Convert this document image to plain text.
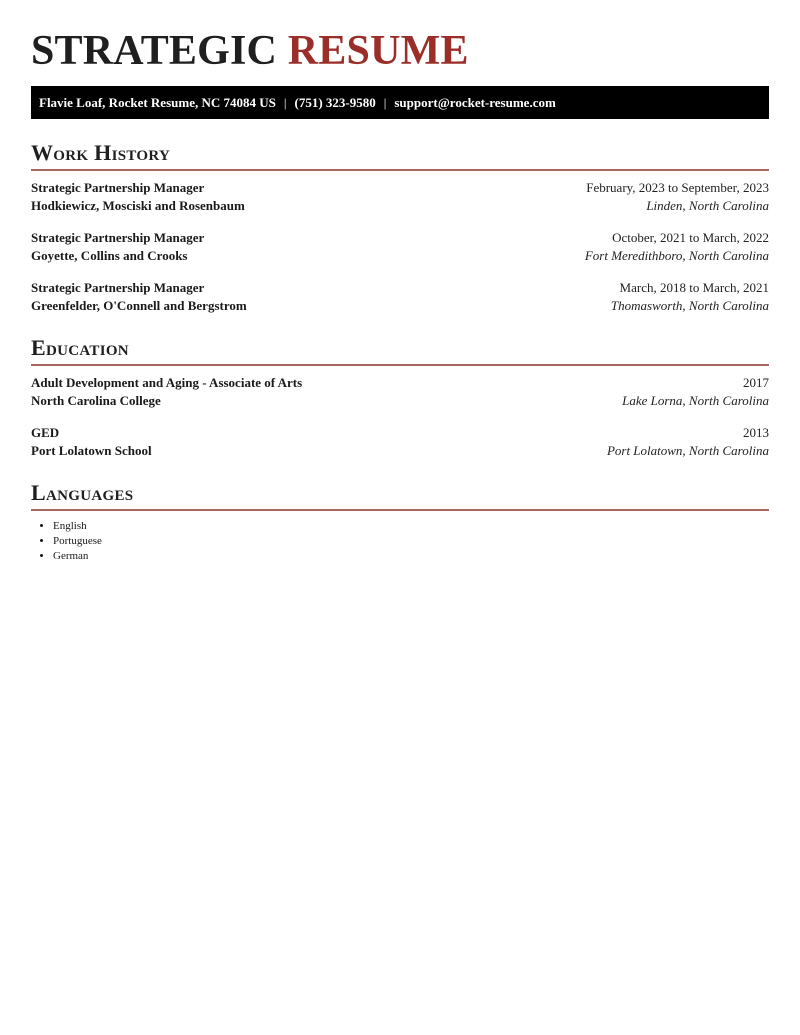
STRATEGIC RESUME
Flavie Loaf, Rocket Resume, NC 74084 US | (751) 323-9580 | support@rocket-resume.com
Work History
Strategic Partnership Manager	February, 2023 to September, 2023
Hodkiewicz, Mosciski and Rosenbaum	Linden, North Carolina
Strategic Partnership Manager	October, 2021 to March, 2022
Goyette, Collins and Crooks	Fort Meredithboro, North Carolina
Strategic Partnership Manager	March, 2018 to March, 2021
Greenfelder, O'Connell and Bergstrom	Thomasworth, North Carolina
Education
Adult Development and Aging - Associate of Arts	2017
North Carolina College	Lake Lorna, North Carolina
GED	2013
Port Lolatown School	Port Lolatown, North Carolina
Languages
• English
• Portuguese
• German
